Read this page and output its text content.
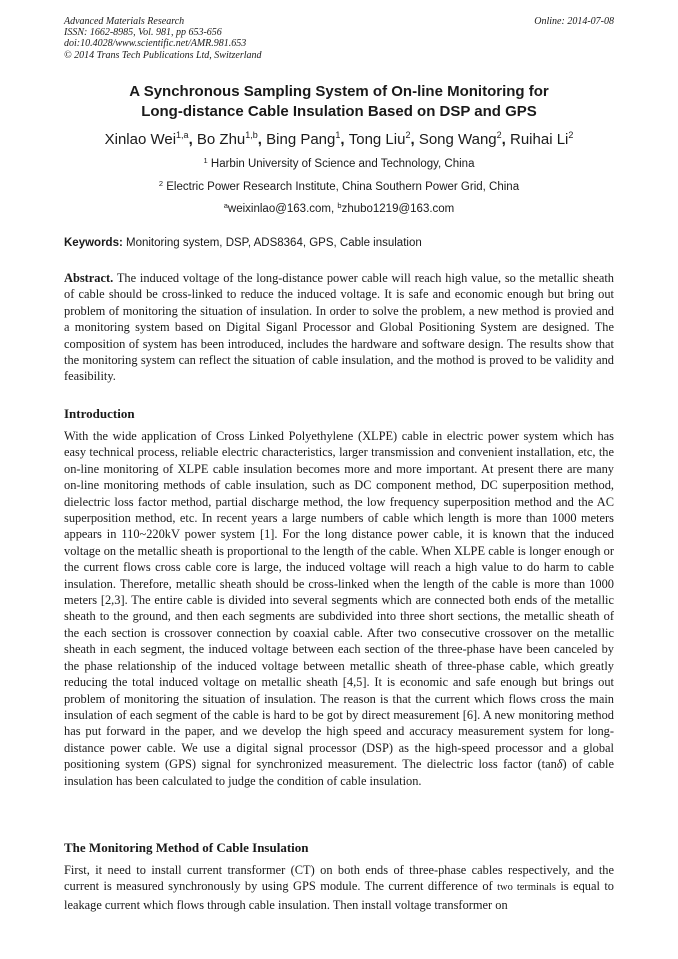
Advanced Materials Research
ISSN: 1662-8985, Vol. 981, pp 653-656
doi:10.4028/www.scientific.net/AMR.981.653
© 2014 Trans Tech Publications Ltd, Switzerland
Online: 2014-07-08
A Synchronous Sampling System of On-line Monitoring for
Long-distance Cable Insulation Based on DSP and GPS
Xinlao Wei$^{1,a}$, Bo Zhu$^{1,b}$, Bing Pang$^1$, Tong Liu$^2$, Song Wang$^2$, Ruihai Li$^2$
$^1$ Harbin University of Science and Technology, China
$^2$ Electric Power Research Institute, China Southern Power Grid, China
$^a$weixinlao@163.com, $^b$zhubo1219@163.com
Keywords: Monitoring system, DSP, ADS8364, GPS, Cable insulation
Abstract. The induced voltage of the long-distance power cable will reach high value, so the metallic sheath of cable should be cross-linked to reduce the induced voltage. It is safe and economic enough but bring out problem of monitoring the situation of insulation. In order to solve the problem, a new method is provied and a monitoring system based on Digital Siganl Processor and Global Positioning System are designed. The composition of system has been introduced, includes the hardware and software design. The results show that the monitoring system can reflect the situation of cable insulation, and the mothod is proved to be validity and feasibility.
Introduction
With the wide application of Cross Linked Polyethylene (XLPE) cable in electric power system which has easy technical process, reliable electric characteristics, larger transmission and convenient installation, etc, the on-line monitoring of XLPE cable insulation becomes more and more important. At present there are many on-line monitoring methods of cable insulation, such as DC component method, DC superposition method, dielectric loss factor method, partial discharge method, the low frequency superposition method and the AC superposition method, etc. In recent years a large numbers of cable which length is more than 1000 meters appears in 110~220kV power system [1]. For the long distance power cable, it is known that the induced voltage on the metallic sheath is proportional to the length of the cable. When XLPE cable is longer enough or the current flows cross cable core is large, the induced voltage will reach a high value to do harm to cable insulation. Therefore, metallic sheath should be cross-linked when the length of the cable is more than 1000 meters [2,3]. The entire cable is divided into several segments which are connected both ends of the metallic sheath to the ground, and then each segments are subdivided into three short sections, the metallic sheath of the each section is crossover connection by coaxial cable. After two consecutive crossover on the metallic sheath in each segment, the induced voltage between each section of the three-phase have been canceled by the phase relationship of the induced voltage between metallic sheath of three-phase cable, which greatly reducing the total induced voltage on metallic sheath [4,5]. It is economic and safe enough but brings out problem of monitoring the situation of insulation. The reason is that the current which flows cross the main insulation of each segment of the cable is hard to be got by direct measurement [6]. A new monitoring method has put forward in the paper, and we develop the high speed and accuracy measurement system for long-distance power cable. We use a digital signal processor (DSP) as the high-speed processor and a global positioning system (GPS) signal for synchronized measurement. The dielectric loss factor (tanδ) of cable insulation has been calculated to judge the condition of cable insulation.
The Monitoring Method of Cable Insulation
First, it need to install current transformer (CT) on both ends of three-phase cables respectively, and the current is measured synchronously by using GPS module. The current difference of two terminals is equal to leakage current which flows through cable insulation. Then install voltage transformer on
